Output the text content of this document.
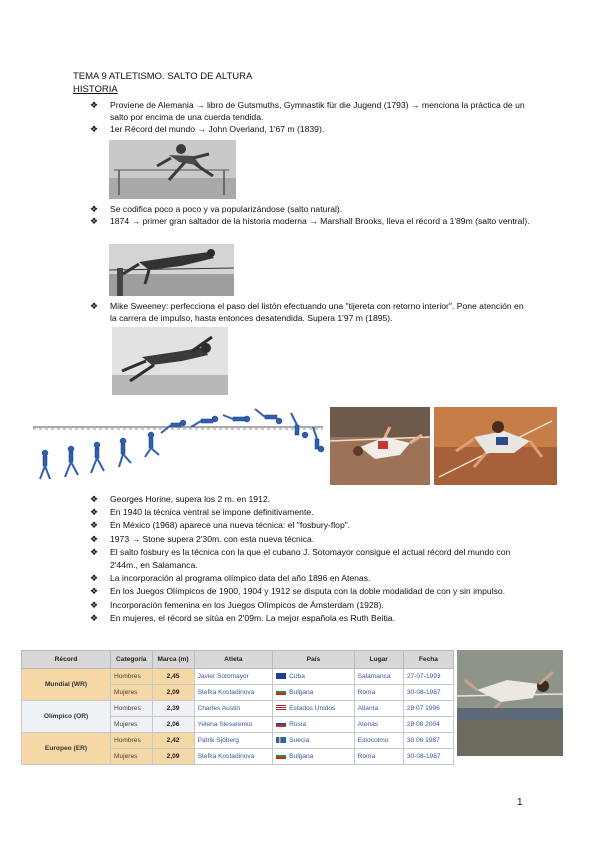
TEMA 9 ATLETISMO. SALTO DE ALTURA
HISTORIA
❖ Proviene de Alemania → libro de Gutsmuths, Gymnastik für die Jugend (1793) → menciona la práctica de un salto por encima de una cuerda tendida.
❖ 1er Récord del mundo → John Overland, 1'67 m (1839).
❖ Se codifica poco a poco y va popularizándose (salto natural).
❖ 1874 → primer gran saltador de la historia moderna → Marshall Brooks, lleva el récord a 1'89m (salto ventral).
❖ Mike Sweeney: perfecciona el paso del listón efectuando una "tijereta con retorno interior". Pone atención en la carrera de impulso, hasta entonces desatendida. Supera 1'97 m (1895).
❖ Georges Horine, supera los 2 m. en 1912.
❖ En 1940 la técnica ventral se impone definitivamente.
❖ En México (1968) aparece una nueva técnica: el "fosbury-flop".
❖ 1973 → Stone supera 2'30m. con esta nueva técnica.
❖ El salto fosbury es la técnica con la que el cubano J. Sotomayor consigue el actual récord del mundo con 2'44m., en Salamanca.
❖ La incorporación al programa olímpico data del año 1896 en Atenas.
❖ En los Juegos Olímpicos de 1900, 1904 y 1912 se disputa con la doble modalidad de con y sin impulso.
❖ Incorporación femenina en los Juegos Olímpicos de Ámsterdam (1928).
❖ En mujeres, el récord se sitúa en 2'09m. La mejor española es Ruth Beitia.
Récord	Categoría	Marca (m)	Atleta	País	Lugar	Fecha
Mundial (WR)	Hombres	2,45	Javier Sotomayor	Cuba	Salamanca	27-07-1993
	Mujeres	2,09	Stefka Kostadinova	Bulgaria	Roma	30-08-1987
Olímpico (OR)	Hombres	2,39	Charles Austin	Estados Unidos	Atlanta	28 07 1996
	Mujeres	2,06	Yelena Slesarenko	Rusia	Atenas	28 08 2004
Europeo (ER)	Hombres	2,42	Patrik Sjöberg	Suecia	Estocolmo	30 06 1987
	Mujeres	2,09	Stefka Kostadinova	Bulgaria	Roma	30-08-1987
1
